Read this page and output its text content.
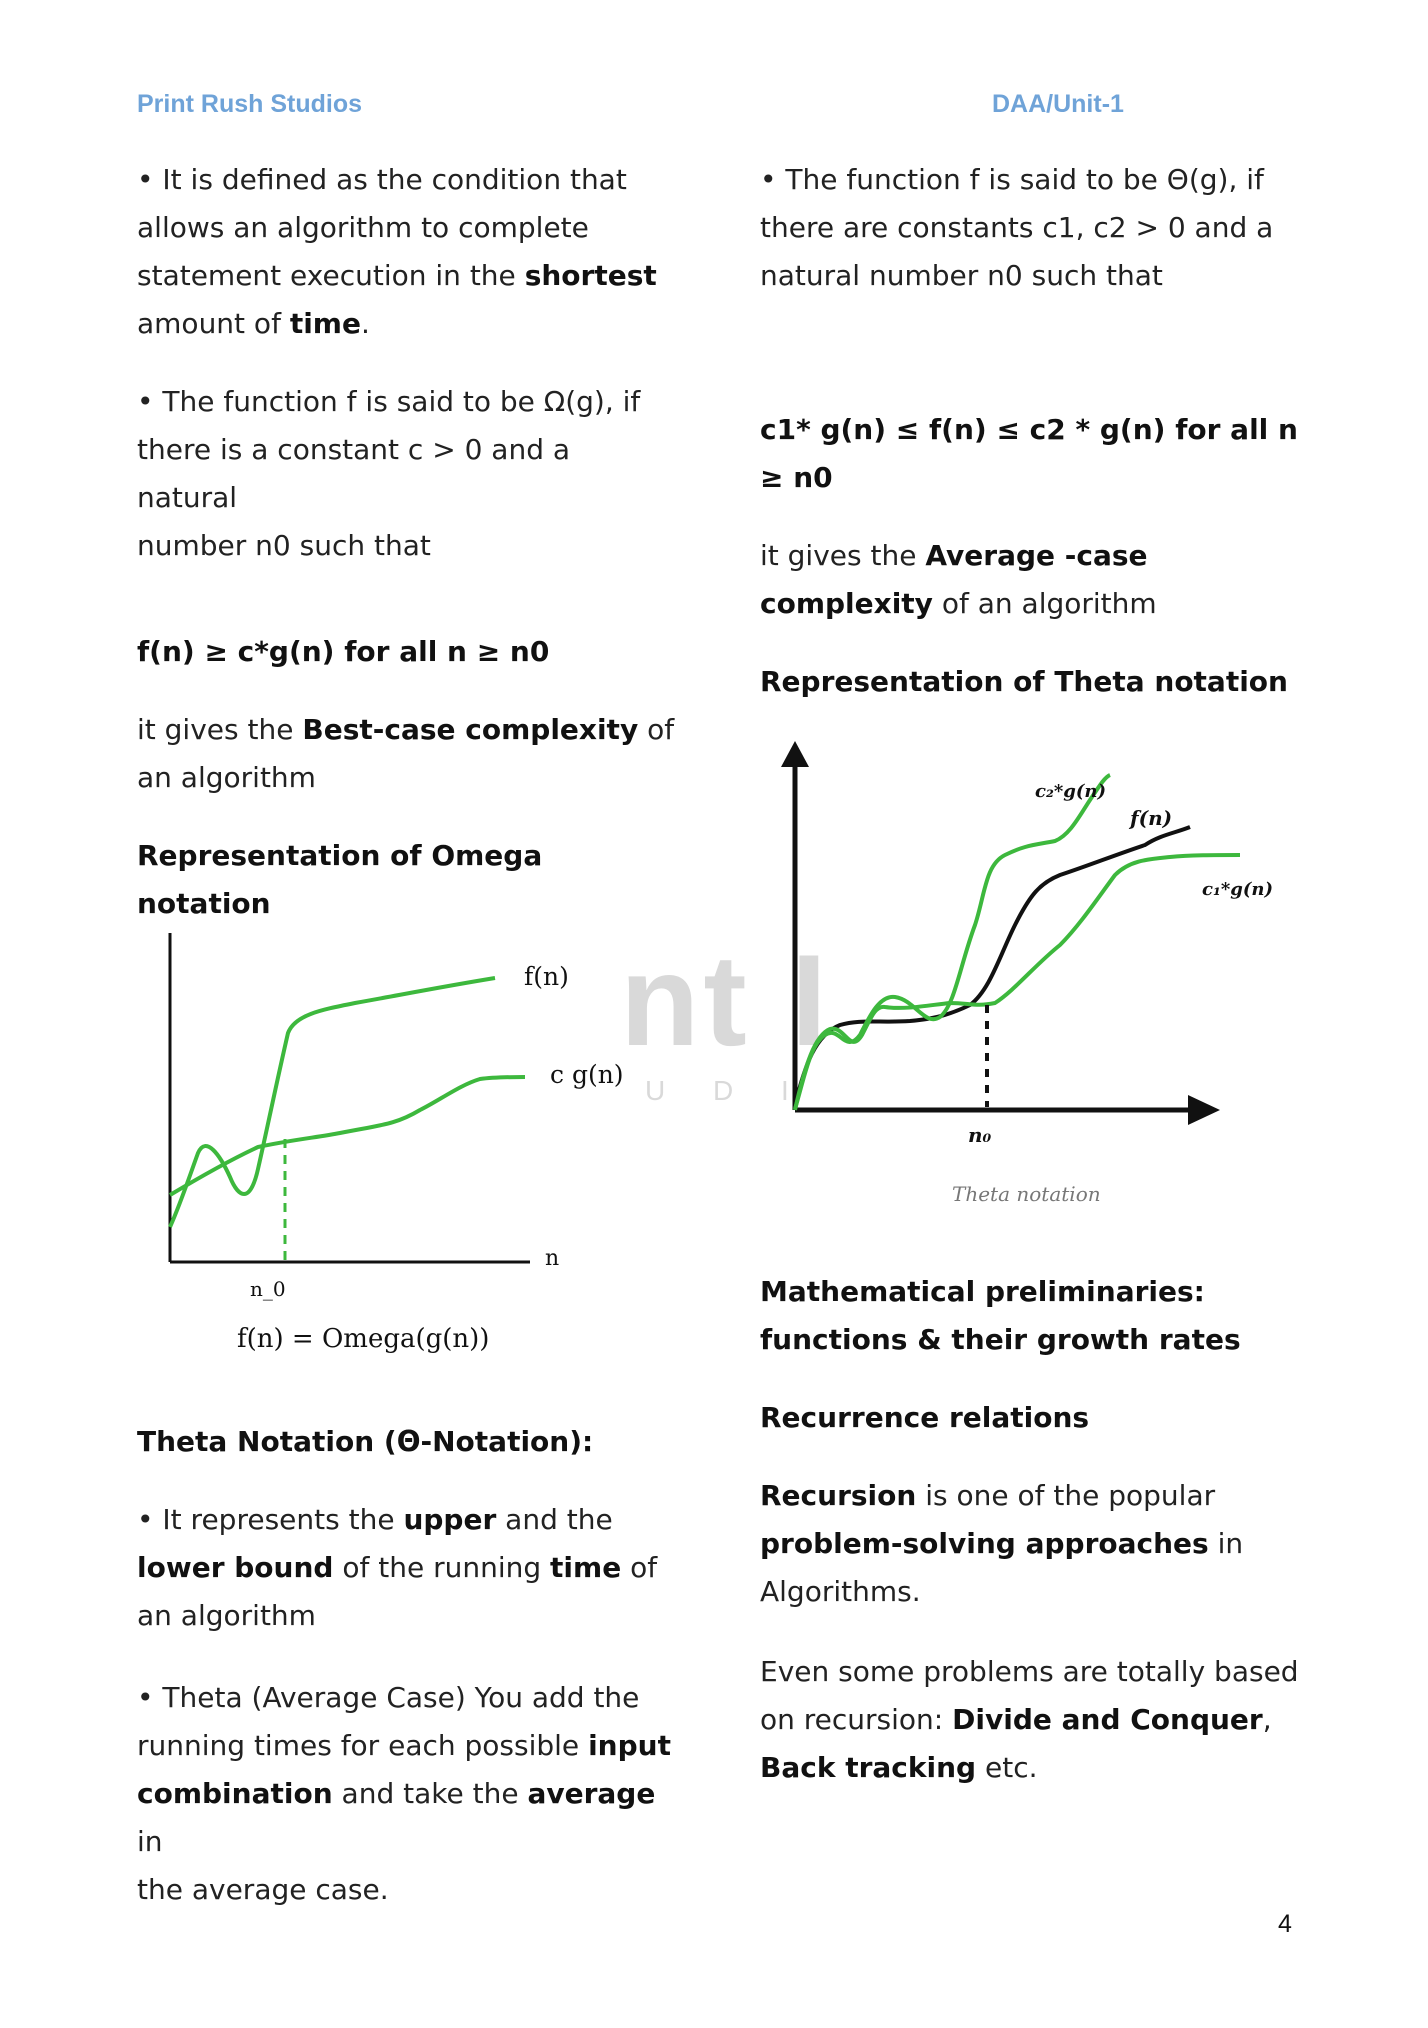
Print Rush Studios	DAA/Unit-1

• It is defined as the condition that

allows an algorithm to complete

statement execution in the shortest

amount of time.

• The function f is said to be Ω(g), if

there is a constant c > 0 and a natural

number n0 such that

f(n) ≥ c*g(n) for all n ≥ n0

it gives the Best-case complexity of

an algorithm

Representation of Omega notation

nt I
U D I
f(n)
c g(n)
n
n_0
f(n) = Omega(g(n))

Theta Notation (Θ-Notation):

• It represents the upper and the

lower bound of the running time of

an algorithm

• Theta (Average Case) You add the

running times for each possible input

combination and take the average in

the average case.

• The function f is said to be Θ(g), if

there are constants c1, c2 > 0 and a

natural number n0 such that

c1* g(n) ≤ f(n) ≤ c2 * g(n) for all n

≥ n0

it gives the Average -case

complexity of an algorithm

Representation of Theta notation

c₂*g(n)
f(n)
c₁*g(n)
n₀
Theta notation

Mathematical preliminaries:

functions & their growth rates

Recurrence relations

Recursion is one of the popular

problem-solving approaches in

Algorithms.

Even some problems are totally based

on recursion: Divide and Conquer,

Back tracking etc.

4
